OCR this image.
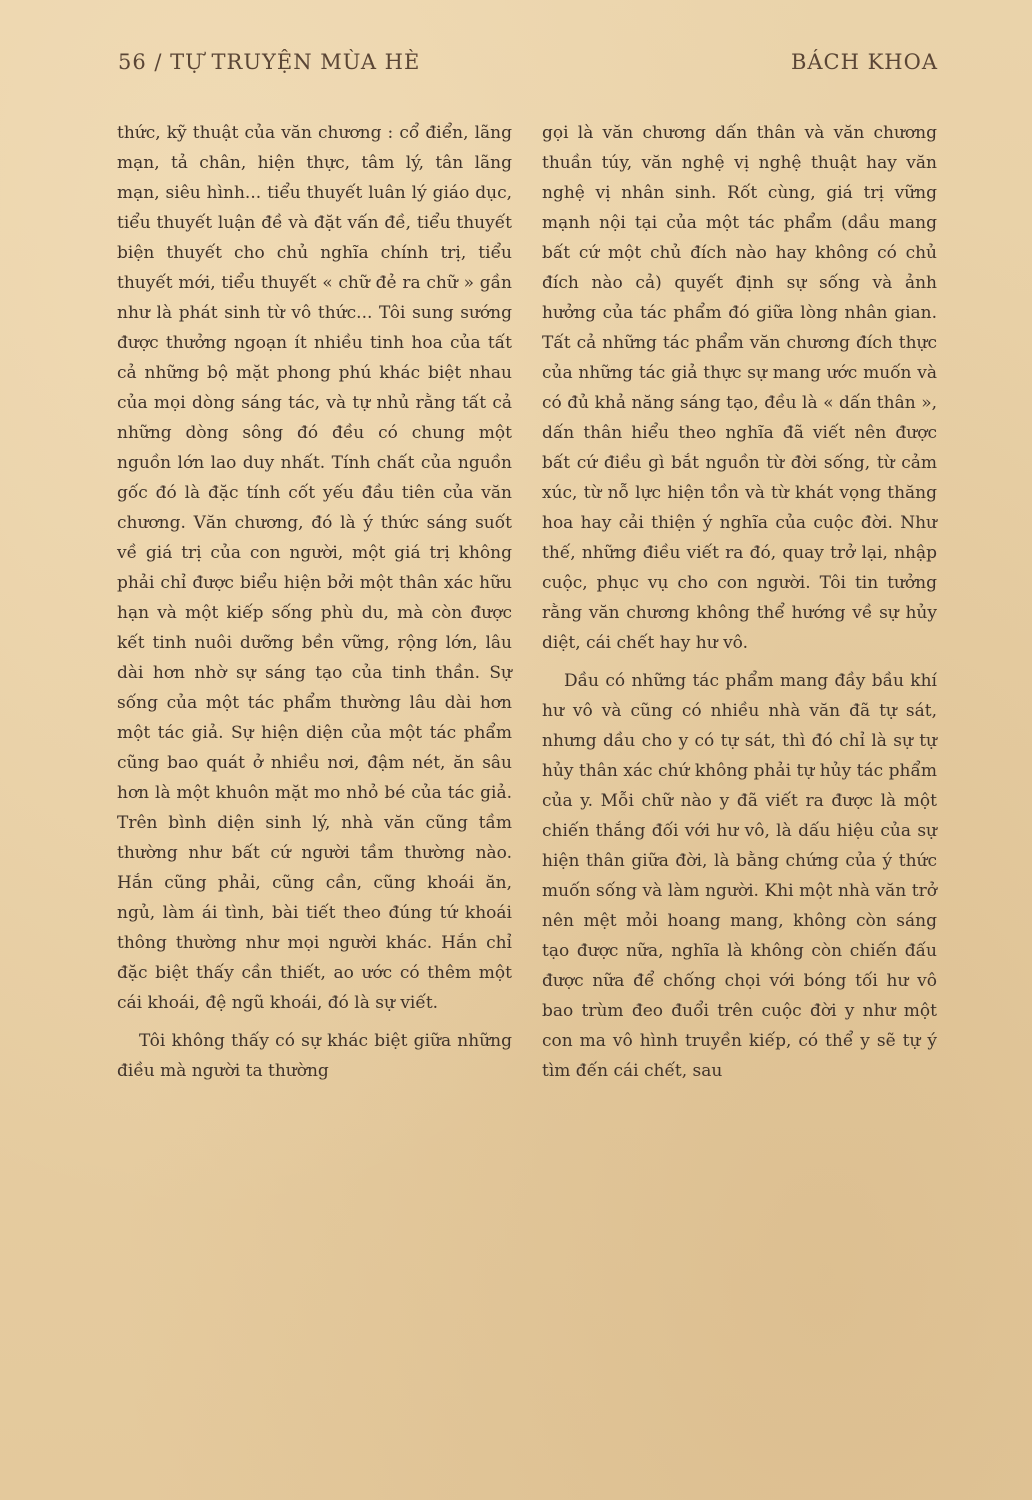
56 / TỰ TRUYỆN MÙA HÈ	BÁCH KHOA

thức, kỹ thuật của văn chương : cổ điển, lãng mạn, tả chân, hiện thực, tâm lý, tân lãng mạn, siêu hình... tiểu thuyết luân lý giáo dục, tiểu thuyết luận đề và đặt vấn đề, tiểu thuyết biện thuyết cho chủ nghĩa chính trị, tiểu thuyết mới, tiểu thuyết « chữ đẻ ra chữ » gần như là phát sinh từ vô thức... Tôi sung sướng được thưởng ngoạn ít nhiều tinh hoa của tất cả những bộ mặt phong phú khác biệt nhau của mọi dòng sáng tác, và tự nhủ rằng tất cả những dòng sông đó đều có chung một nguồn lớn lao duy nhất. Tính chất của nguồn gốc đó là đặc tính cốt yếu đầu tiên của văn chương. Văn chương, đó là ý thức sáng suốt về giá trị của con người, một giá trị không phải chỉ được biểu hiện bởi một thân xác hữu hạn và một kiếp sống phù du, mà còn được kết tinh nuôi dưỡng bền vững, rộng lớn, lâu dài hơn nhờ sự sáng tạo của tinh thần. Sự sống của một tác phẩm thường lâu dài hơn một tác giả. Sự hiện diện của một tác phẩm cũng bao quát ở nhiều nơi, đậm nét, ăn sâu hơn là một khuôn mặt mo nhỏ bé của tác giả. Trên bình diện sinh lý, nhà văn cũng tầm thường như bất cứ người tầm thường nào. Hắn cũng phải, cũng cần, cũng khoái ăn, ngủ, làm ái tình, bài tiết theo đúng tứ khoái thông thường như mọi người khác. Hắn chỉ đặc biệt thấy cần thiết, ao ước có thêm một cái khoái, đệ ngũ khoái, đó là sự viết.

Tôi không thấy có sự khác biệt giữa những điều mà người ta thường

gọi là văn chương dấn thân và văn chương thuần túy, văn nghệ vị nghệ thuật hay văn nghệ vị nhân sinh. Rốt cùng, giá trị vững mạnh nội tại của một tác phẩm (dầu mang bất cứ một chủ đích nào hay không có chủ đích nào cả) quyết định sự sống và ảnh hưởng của tác phẩm đó giữa lòng nhân gian. Tất cả những tác phẩm văn chương đích thực của những tác giả thực sự mang ước muốn và có đủ khả năng sáng tạo, đều là « dấn thân », dấn thân hiểu theo nghĩa đã viết nên được bất cứ điều gì bắt nguồn từ đời sống, từ cảm xúc, từ nỗ lực hiện tồn và từ khát vọng thăng hoa hay cải thiện ý nghĩa của cuộc đời. Như thế, những điều viết ra đó, quay trở lại, nhập cuộc, phục vụ cho con người. Tôi tin tưởng rằng văn chương không thể hướng về sự hủy diệt, cái chết hay hư vô.

Dầu có những tác phẩm mang đầy bầu khí hư vô và cũng có nhiều nhà văn đã tự sát, nhưng dầu cho y có tự sát, thì đó chỉ là sự tự hủy thân xác chứ không phải tự hủy tác phẩm của y. Mỗi chữ nào y đã viết ra được là một chiến thắng đối với hư vô, là dấu hiệu của sự hiện thân giữa đời, là bằng chứng của ý thức muốn sống và làm người. Khi một nhà văn trở nên mệt mỏi hoang mang, không còn sáng tạo được nữa, nghĩa là không còn chiến đấu được nữa để chống chọi với bóng tối hư vô bao trùm đeo đuổi trên cuộc đời y như một con ma vô hình truyền kiếp, có thể y sẽ tự ý tìm đến cái chết, sau
